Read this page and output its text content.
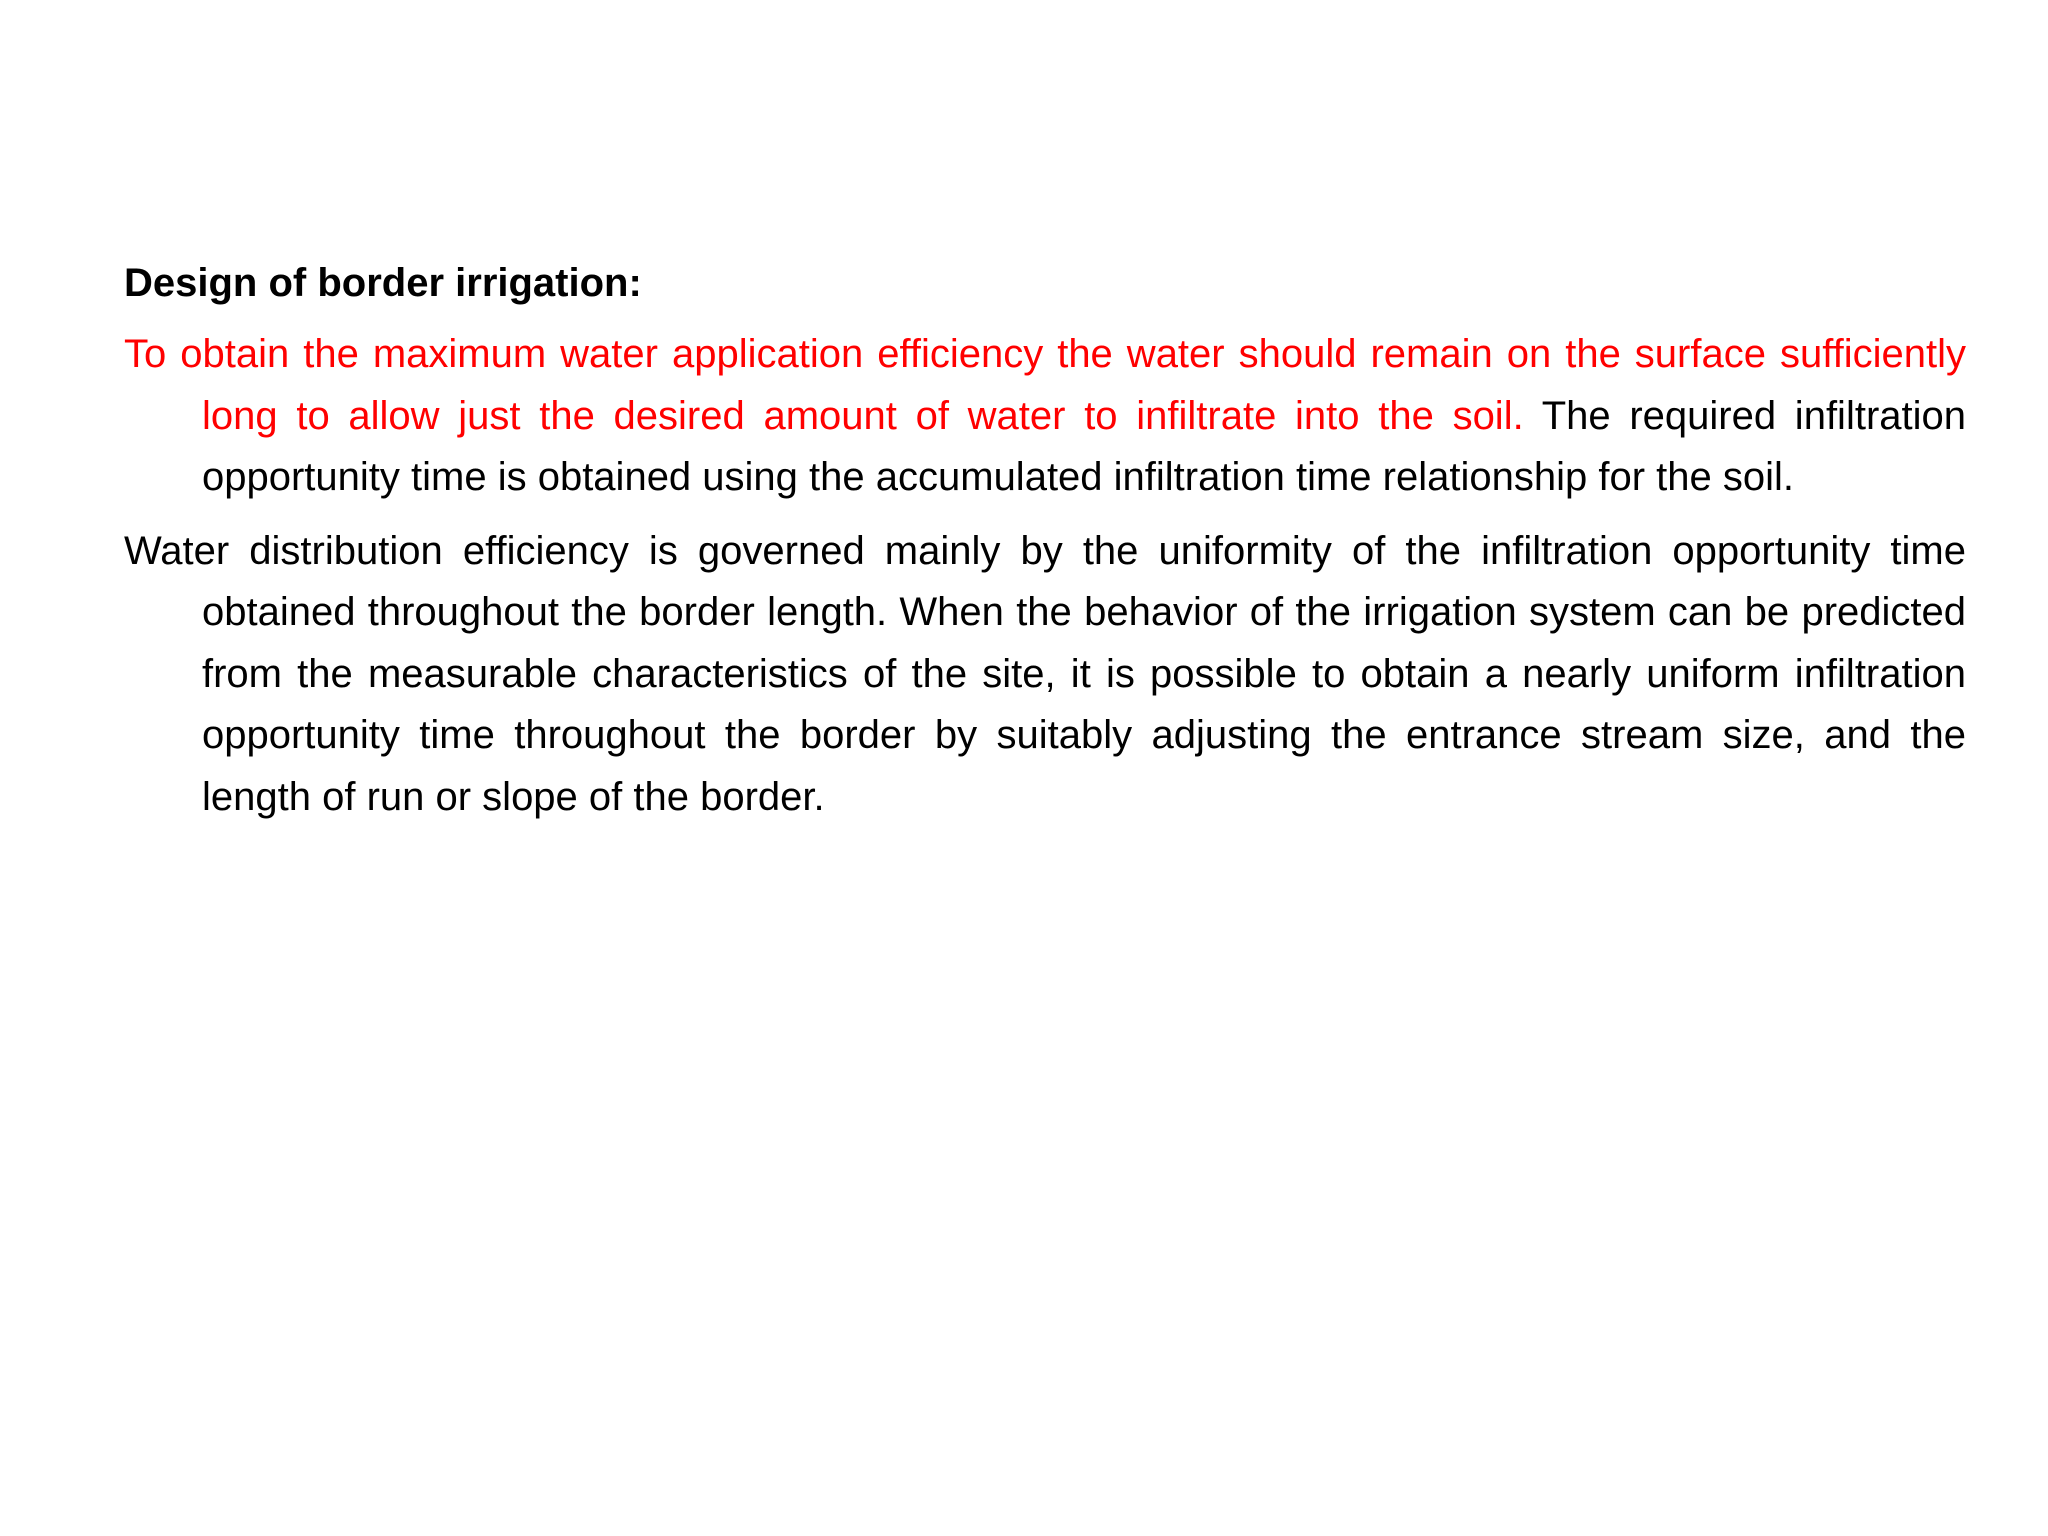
Design of border irrigation:

To obtain the maximum water application efficiency the water should remain on the surface sufficiently long to allow just the desired amount of water to infiltrate into the soil. The required infiltration opportunity time is obtained using the accumulated infiltration time relationship for the soil.

Water distribution efficiency is governed mainly by the uniformity of the infiltration opportunity time obtained throughout the border length. When the behavior of the irrigation system can be predicted from the measurable characteristics of the site, it is possible to obtain a nearly uniform infiltration opportunity time throughout the border by suitably adjusting the entrance stream size, and the length of run or slope of the border.
